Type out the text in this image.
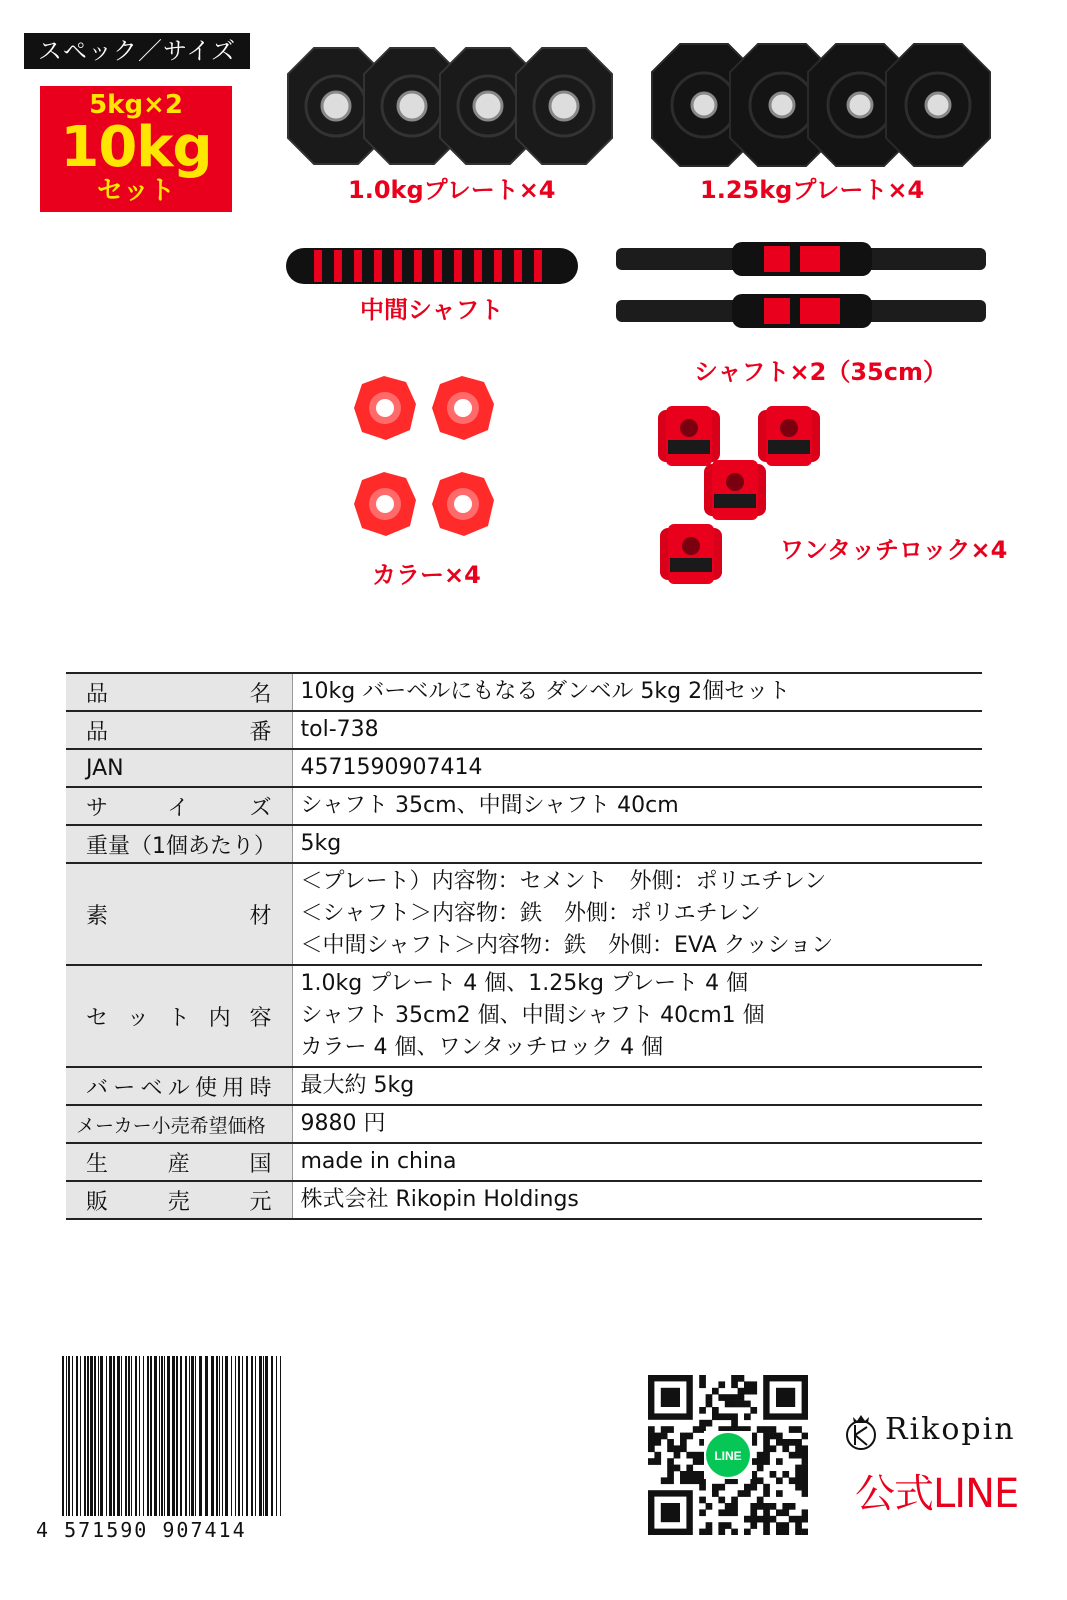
スペック／サイズ
5kg×2
10kg
セット	1.0kgプレート×4	1.25kgプレート×4
中間シャフト
シャフト×2（35cm）
カラー×4
ワンタッチロック×4
品名	10kg バーベルにもなる ダンベル 5kg 2個セット

品番	tol-738

JAN	4571590907414

サイズ	シャフト 35cm、中間シャフト 40cm

重量（1個あたり）	5kg

素材	＜プレート）内容物：セメント　外側：ポリエチレン
＜シャフト＞内容物：鉄　外側：ポリエチレン
＜中間シャフト＞内容物：鉄　外側：EVA クッション

セット内容	1.0kg プレート 4 個、1.25kg プレート 4 個
シャフト 35cm2 個、中間シャフト 40cm1 個
カラー 4 個、ワンタッチロック 4 個

バーベル使用時	最大約 5kg

メーカー小売希望価格	9880 円

生産国	made in china

販売元	株式会社 Rikopin Holdings
4 571590 907414
LINE
Rikopin
公式LINE
